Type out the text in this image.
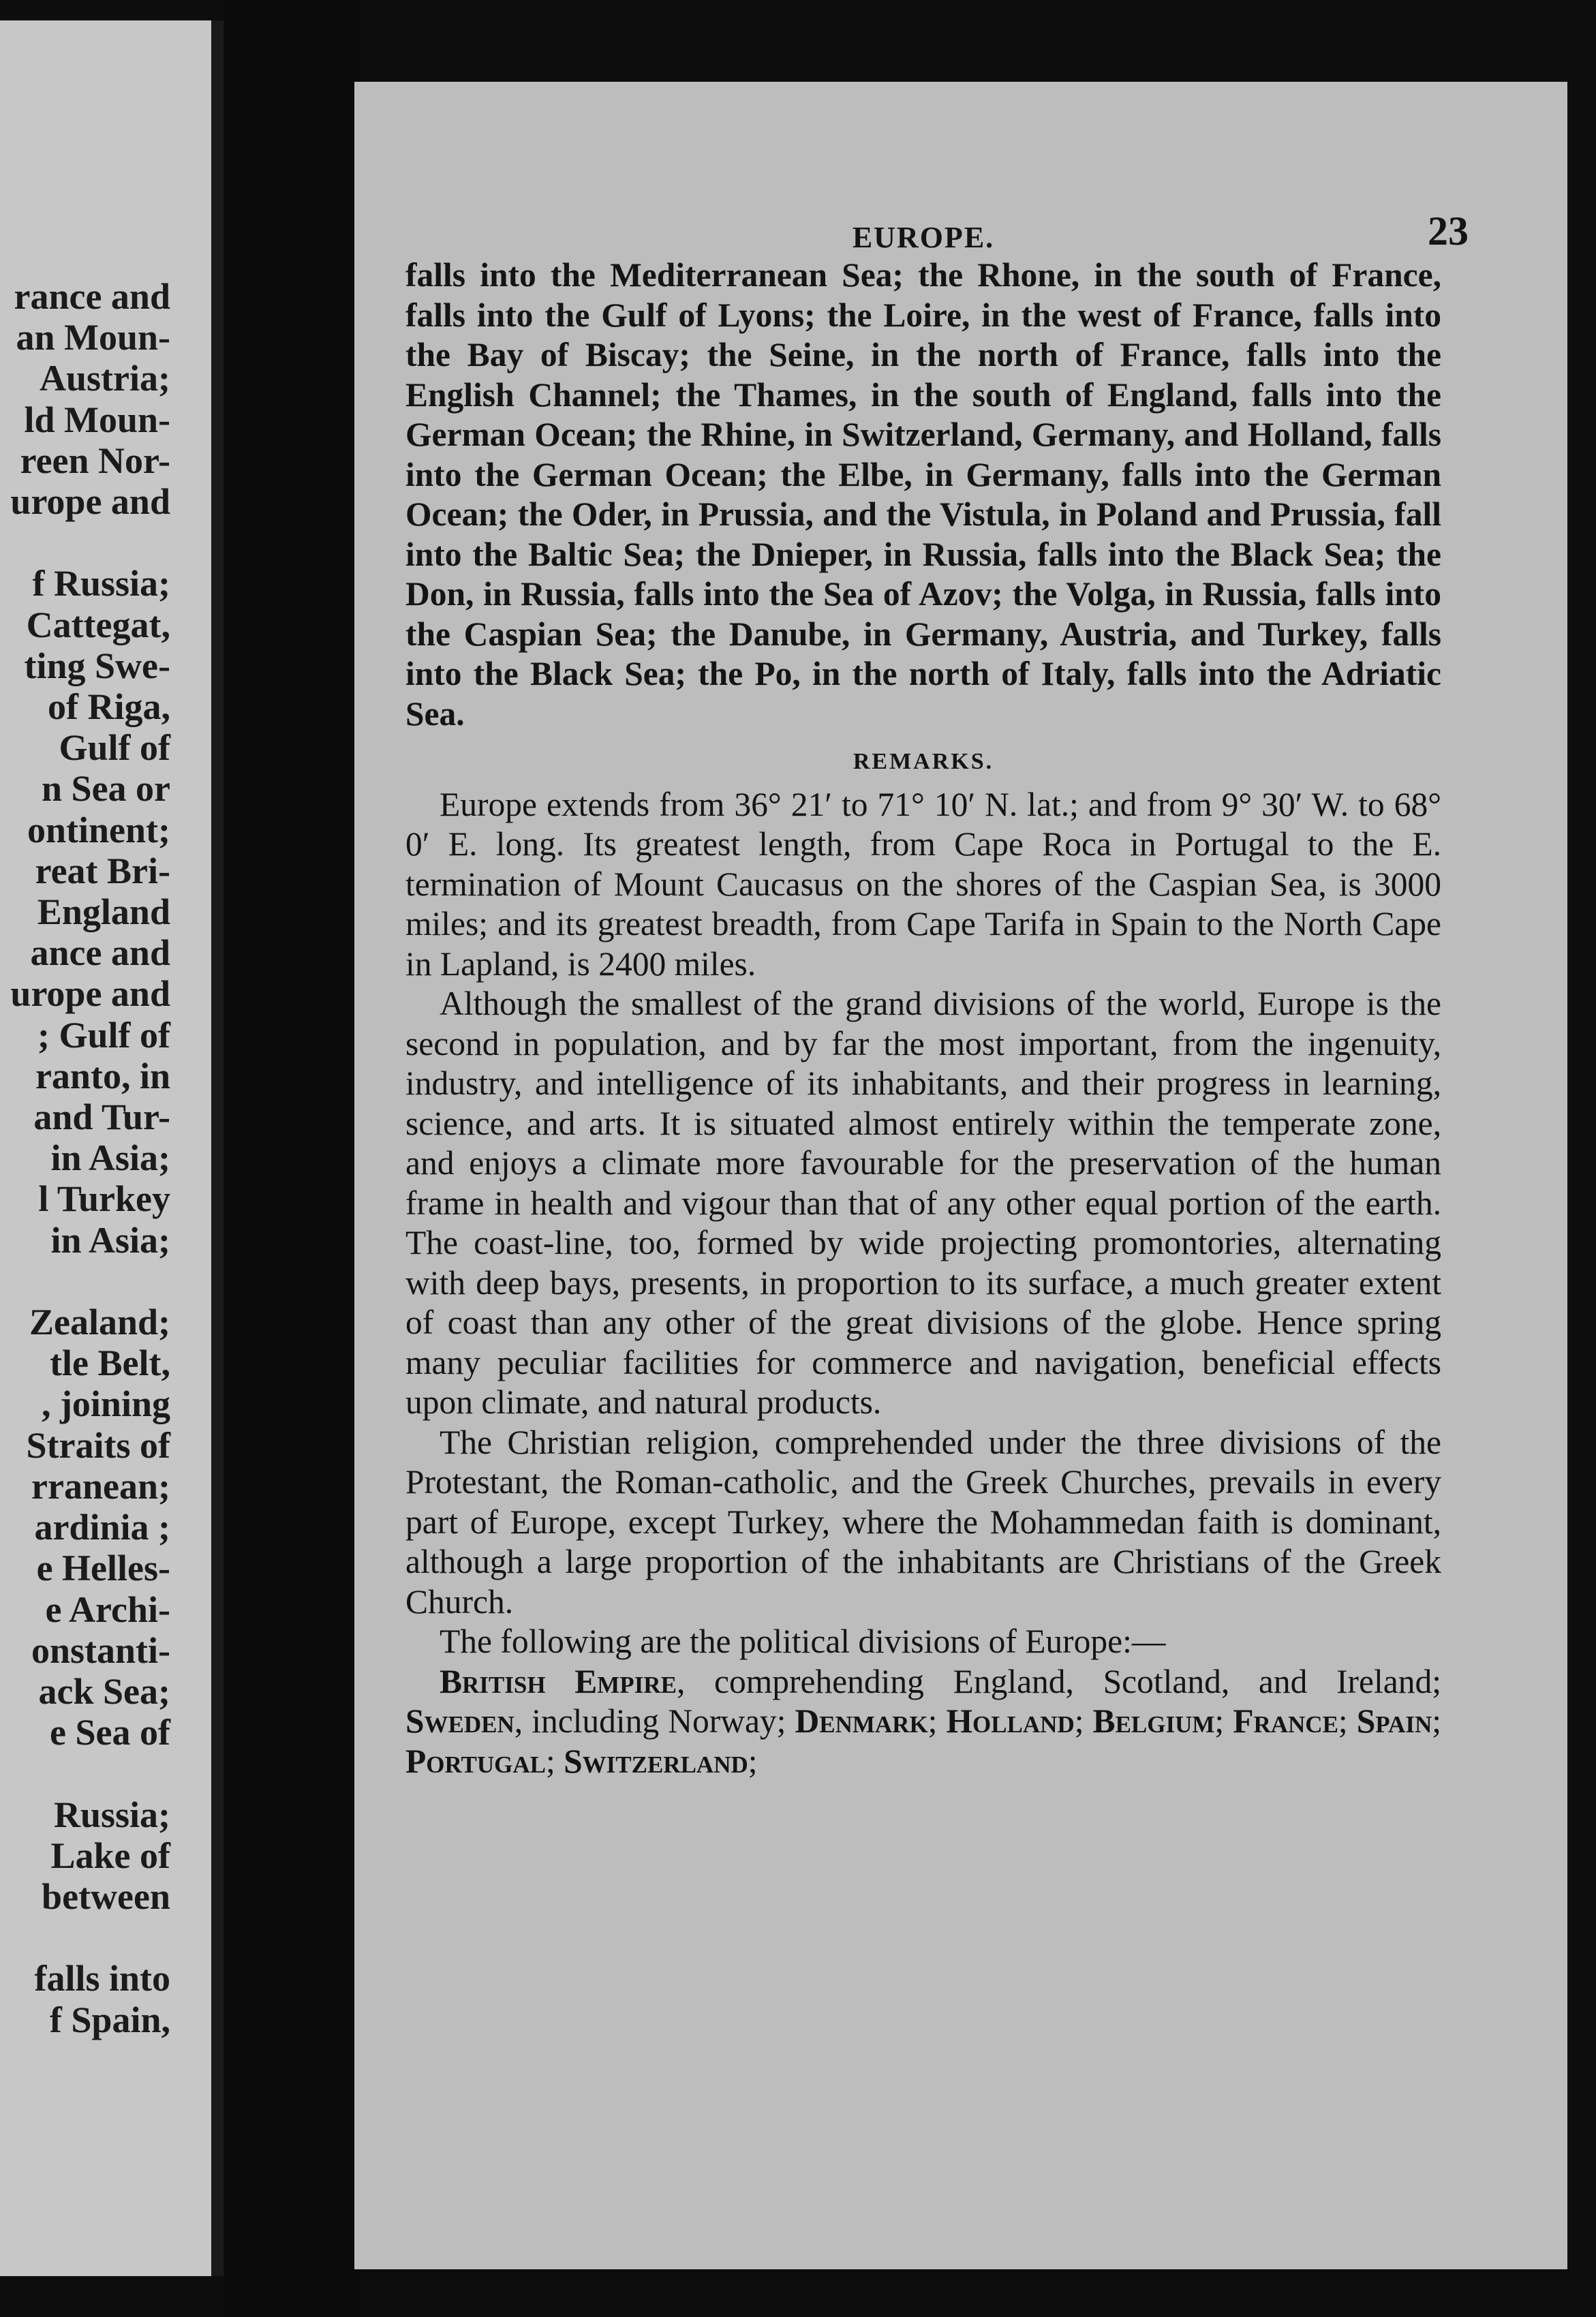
rance and
an Moun-
Austria;
ld Moun-
reen Nor-
urope and

f Russia;
Cattegat,
ting Swe-
of Riga,
Gulf of
n Sea or
ontinent;
reat Bri-
England
ance and
urope and
; Gulf of
ranto, in
and Tur-
in Asia;
l Turkey
in Asia;

Zealand;
tle Belt,
, joining
Straits of
rranean;
ardinia ;
e Helles-
e Archi-
onstanti-
ack Sea;
e Sea of

Russia;
Lake of
between

falls into
f Spain,
EUROPE.	23

falls into the Mediterranean Sea; the Rhone, in the south of France, falls into the Gulf of Lyons; the Loire, in the west of France, falls into the Bay of Biscay; the Seine, in the north of France, falls into the English Channel; the Thames, in the south of England, falls into the German Ocean; the Rhine, in Switzerland, Germany, and Holland, falls into the German Ocean; the Elbe, in Germany, falls into the German Ocean; the Oder, in Prussia, and the Vistula, in Poland and Prussia, fall into the Baltic Sea; the Dnieper, in Russia, falls into the Black Sea; the Don, in Russia, falls into the Sea of Azov; the Volga, in Russia, falls into the Caspian Sea; the Danube, in Germany, Austria, and Turkey, falls into the Black Sea; the Po, in the north of Italy, falls into the Adriatic Sea.

REMARKS.

Europe extends from 36° 21′ to 71° 10′ N. lat.; and from 9° 30′ W. to 68° 0′ E. long. Its greatest length, from Cape Roca in Portugal to the E. termination of Mount Caucasus on the shores of the Caspian Sea, is 3000 miles; and its greatest breadth, from Cape Tarifa in Spain to the North Cape in Lapland, is 2400 miles.

Although the smallest of the grand divisions of the world, Europe is the second in population, and by far the most important, from the ingenuity, industry, and intelligence of its inhabitants, and their progress in learning, science, and arts. It is situated almost entirely within the temperate zone, and enjoys a climate more favourable for the preservation of the human frame in health and vigour than that of any other equal portion of the earth. The coast-line, too, formed by wide projecting promontories, alternating with deep bays, presents, in proportion to its surface, a much greater extent of coast than any other of the great divisions of the globe. Hence spring many peculiar facilities for commerce and navigation, beneficial effects upon climate, and natural products.

The Christian religion, comprehended under the three divisions of the Protestant, the Roman-catholic, and the Greek Churches, prevails in every part of Europe, except Turkey, where the Mohammedan faith is dominant, although a large proportion of the inhabitants are Christians of the Greek Church.

The following are the political divisions of Europe:—

British Empire, comprehending England, Scotland, and Ireland; Sweden, including Norway; Denmark; Holland; Belgium; France; Spain; Portugal; Switzerland;
